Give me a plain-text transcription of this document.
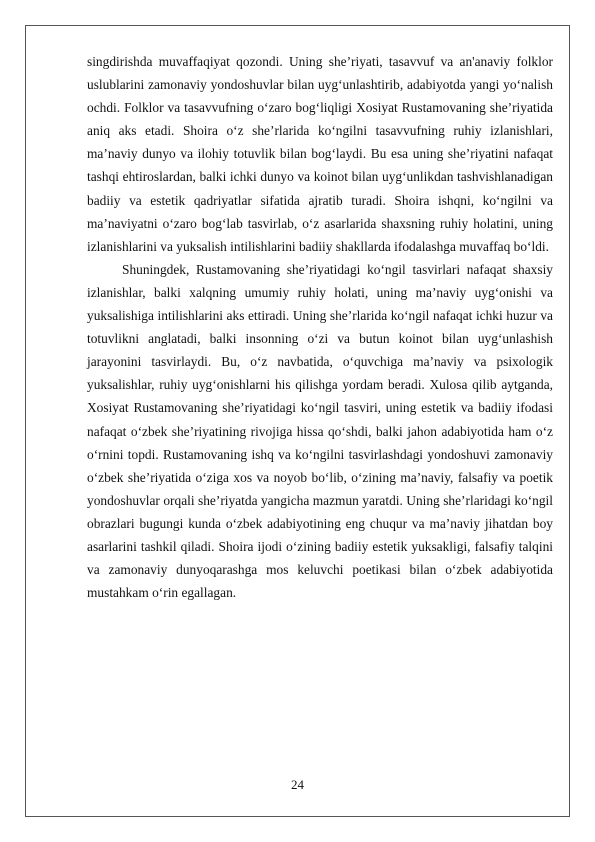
singdirishda muvaffaqiyat qozondi. Uning she’riyati, tasavvuf va an'anaviy folklor uslublarini zamonaviy yondoshuvlar bilan uyg‘unlashtirib, adabiyotda yangi yo‘nalish ochdi. Folklor va tasavvufning o‘zaro bog‘liqligi Xosiyat Rustamovaning she’riyatida aniq aks etadi. Shoira o‘z she’rlarida ko‘ngilni tasavvufning ruhiy izlanishlari, ma’naviy dunyo va ilohiy totuvlik bilan bog‘laydi. Bu esa uning she’riyatini nafaqat tashqi ehtiroslardan, balki ichki dunyo va koinot bilan uyg‘unlikdan tashvishlanadigan badiiy va estetik qadriyatlar sifatida ajratib turadi. Shoira ishqni, ko‘ngilni va ma’naviyatni o‘zaro bog‘lab tasvirlab, o‘z asarlarida shaxsning ruhiy holatini, uning izlanishlarini va yuksalish intilishlarini badiiy shakllarda ifodalashga muvaffaq bo‘ldi.

Shuningdek, Rustamovaning she’riyatidagi ko‘ngil tasvirlari nafaqat shaxsiy izlanishlar, balki xalqning umumiy ruhiy holati, uning ma’naviy uyg‘onishi va yuksalishiga intilishlarini aks ettiradi. Uning she’rlarida ko‘ngil nafaqat ichki huzur va totuvlikni anglatadi, balki insonning o‘zi va butun koinot bilan uyg‘unlashish jarayonini tasvirlaydi. Bu, o‘z navbatida, o‘quvchiga ma’naviy va psixologik yuksalishlar, ruhiy uyg‘onishlarni his qilishga yordam beradi. Xulosa qilib aytganda, Xosiyat Rustamovaning she’riyatidagi ko‘ngil tasviri, uning estetik va badiiy ifodasi nafaqat o‘zbek she’riyatining rivojiga hissa qo‘shdi, balki jahon adabiyotida ham o‘z o‘rnini topdi. Rustamovaning ishq va ko‘ngilni tasvirlashdagi yondoshuvi zamonaviy o‘zbek she’riyatida o‘ziga xos va noyob bo‘lib, o‘zining ma’naviy, falsafiy va poetik yondoshuvlar orqali she’riyatda yangicha mazmun yaratdi. Uning she’rlaridagi ko‘ngil obrazlari bugungi kunda o‘zbek adabiyotining eng chuqur va ma’naviy jihatdan boy asarlarini tashkil qiladi. Shoira ijodi o‘zining badiiy estetik yuksakligi, falsafiy talqini va zamonaviy dunyoqarashga mos keluvchi poetikasi bilan o‘zbek adabiyotida mustahkam o‘rin egallagan.

24
